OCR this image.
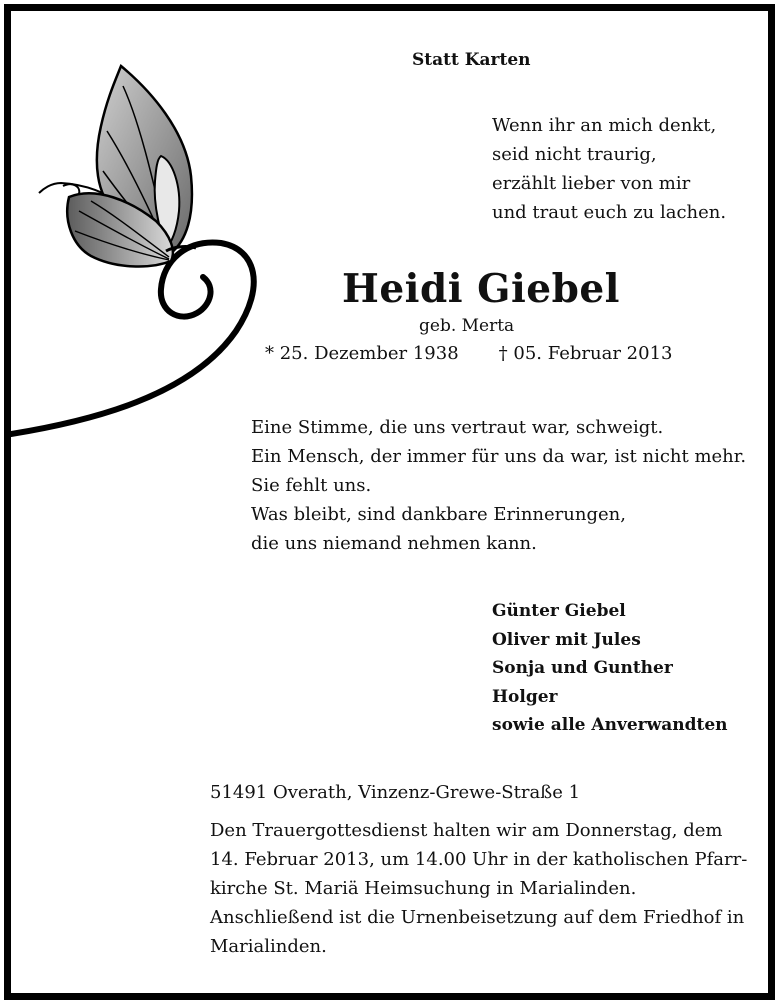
Statt Karten
Wenn ihr an mich denkt,
seid nicht traurig,
erzählt lieber von mir
und traut euch zu lachen.
Heidi Giebel
geb. Merta
* 25. Dezember 1938 † 05. Februar 2013
Eine Stimme, die uns vertraut war, schweigt.
Ein Mensch, der immer für uns da war, ist nicht mehr.
Sie fehlt uns.
Was bleibt, sind dankbare Erinnerungen,
die uns niemand nehmen kann.
Günter Giebel
Oliver mit Jules
Sonja und Gunther
Holger
sowie alle Anverwandten
51491 Overath, Vinzenz-Grewe-Straße 1
Den Trauergottesdienst halten wir am Donnerstag, dem
14. Februar 2013, um 14.00 Uhr in der katholischen Pfarr-
kirche St. Mariä Heimsuchung in Marialinden.
Anschließend ist die Urnenbeisetzung auf dem Friedhof in
Marialinden.
